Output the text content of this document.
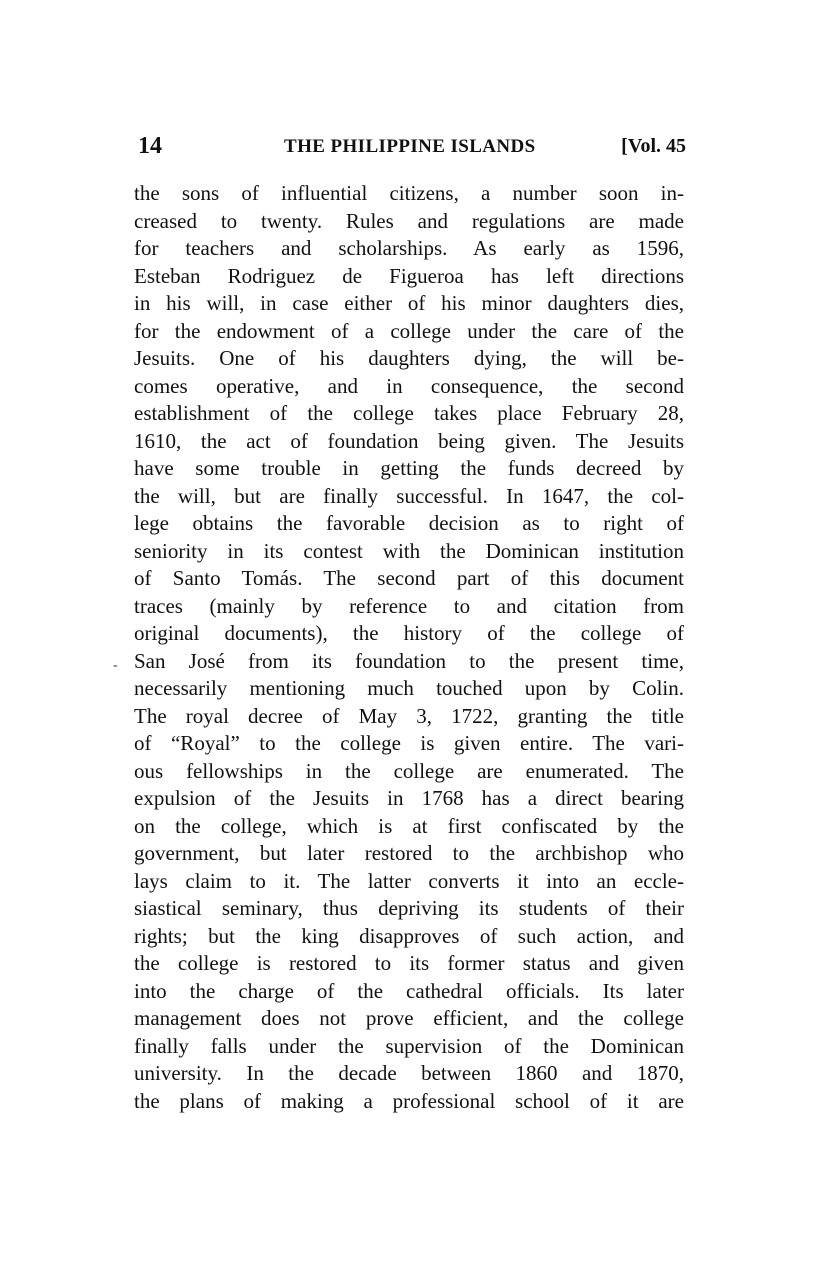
14	THE PHILIPPINE ISLANDS	[Vol. 45
-
the sons of influential citizens, a number soon in-
creased to twenty. Rules and regulations are made
for teachers and scholarships. As early as 1596,
Esteban Rodriguez de Figueroa has left directions
in his will, in case either of his minor daughters dies,
for the endowment of a college under the care of the
Jesuits. One of his daughters dying, the will be-
comes operative, and in consequence, the second
establishment of the college takes place February 28,
1610, the act of foundation being given. The Jesuits
have some trouble in getting the funds decreed by
the will, but are finally successful. In 1647, the col-
lege obtains the favorable decision as to right of
seniority in its contest with the Dominican institution
of Santo Tomás. The second part of this document
traces (mainly by reference to and citation from
original documents), the history of the college of
San José from its foundation to the present time,
necessarily mentioning much touched upon by Colin.
The royal decree of May 3, 1722, granting the title
of “Royal” to the college is given entire. The vari-
ous fellowships in the college are enumerated. The
expulsion of the Jesuits in 1768 has a direct bearing
on the college, which is at first confiscated by the
government, but later restored to the archbishop who
lays claim to it. The latter converts it into an eccle-
siastical seminary, thus depriving its students of their
rights; but the king disapproves of such action, and
the college is restored to its former status and given
into the charge of the cathedral officials. Its later
management does not prove efficient, and the college
finally falls under the supervision of the Dominican
university. In the decade between 1860 and 1870,
the plans of making a professional school of it are
